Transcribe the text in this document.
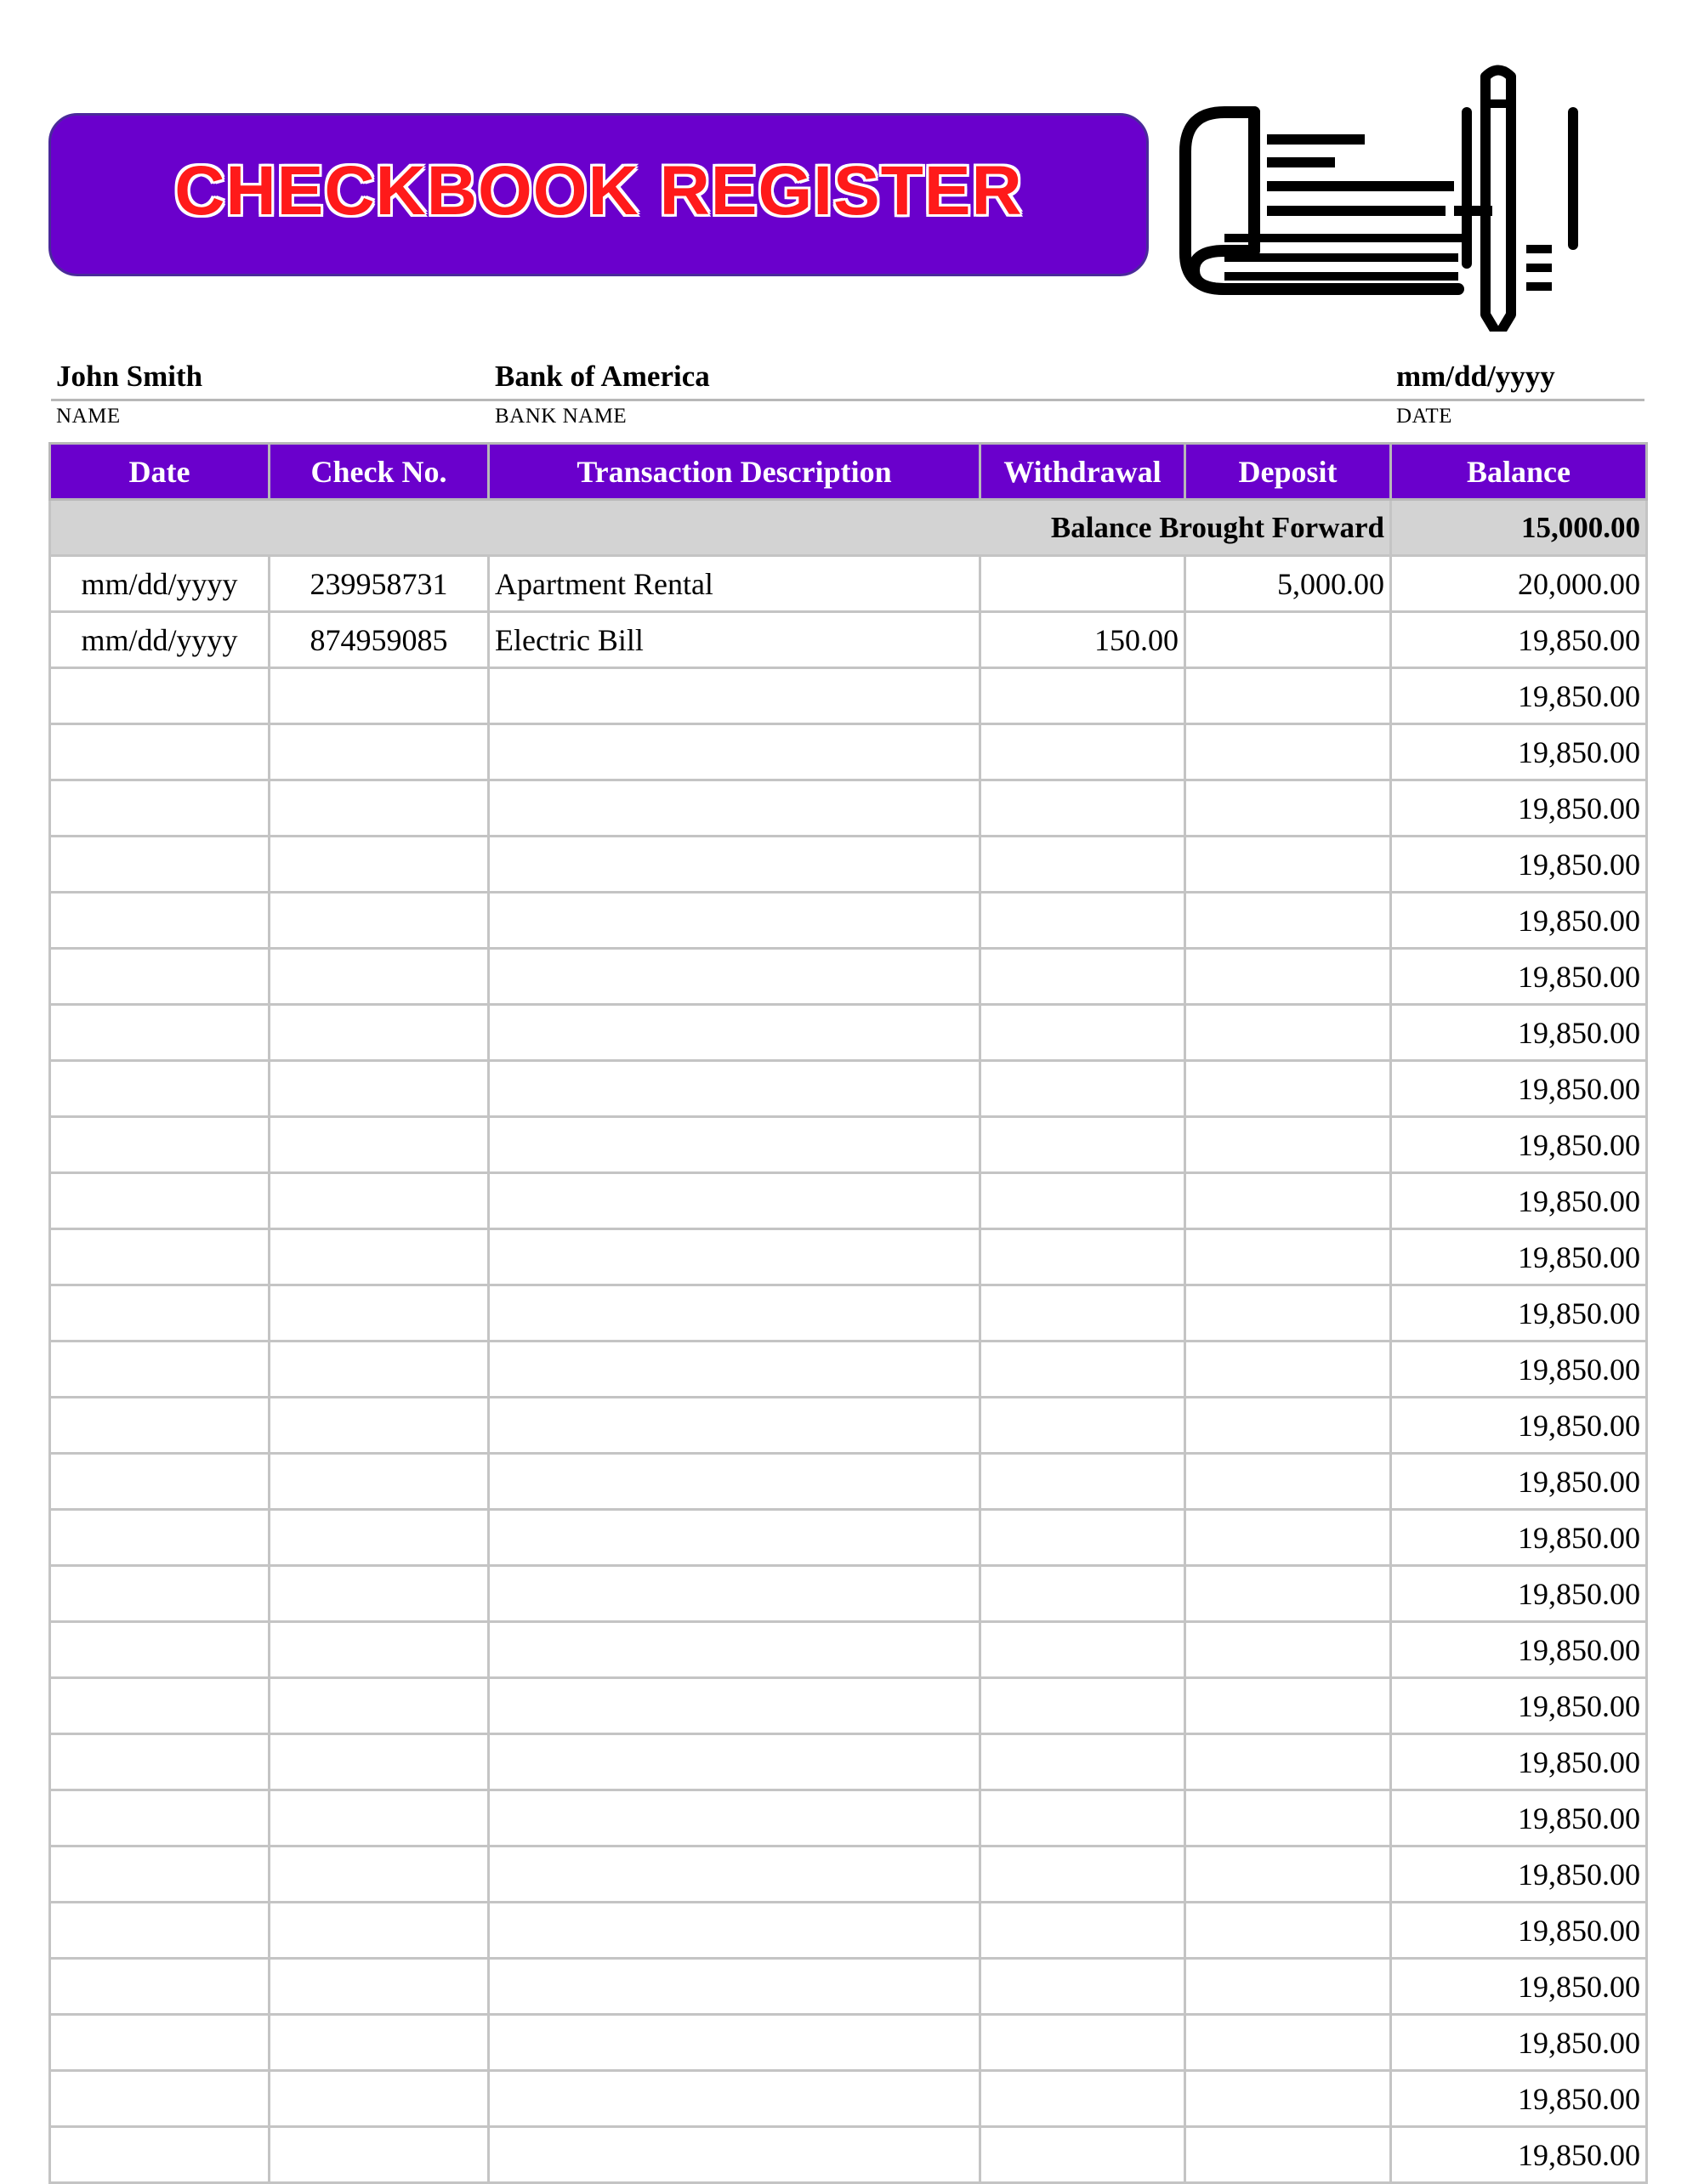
CHECKBOOK REGISTER
John Smith	Bank of America	mm/dd/yyyy
NAME	BANK NAME	DATE
Date	Check No.	Transaction Description	Withdrawal	Deposit	Balance
Balance Brought Forward					15,000.00
mm/dd/yyyy	239958731	Apartment Rental		5,000.00	20,000.00
mm/dd/yyyy	874959085	Electric Bill	150.00		19,850.00
					19,850.00
					19,850.00
					19,850.00
					19,850.00
					19,850.00
					19,850.00
					19,850.00
					19,850.00
					19,850.00
					19,850.00
					19,850.00
					19,850.00
					19,850.00
					19,850.00
					19,850.00
					19,850.00
					19,850.00
					19,850.00
					19,850.00
					19,850.00
					19,850.00
					19,850.00
					19,850.00
					19,850.00
					19,850.00
					19,850.00
					19,850.00
